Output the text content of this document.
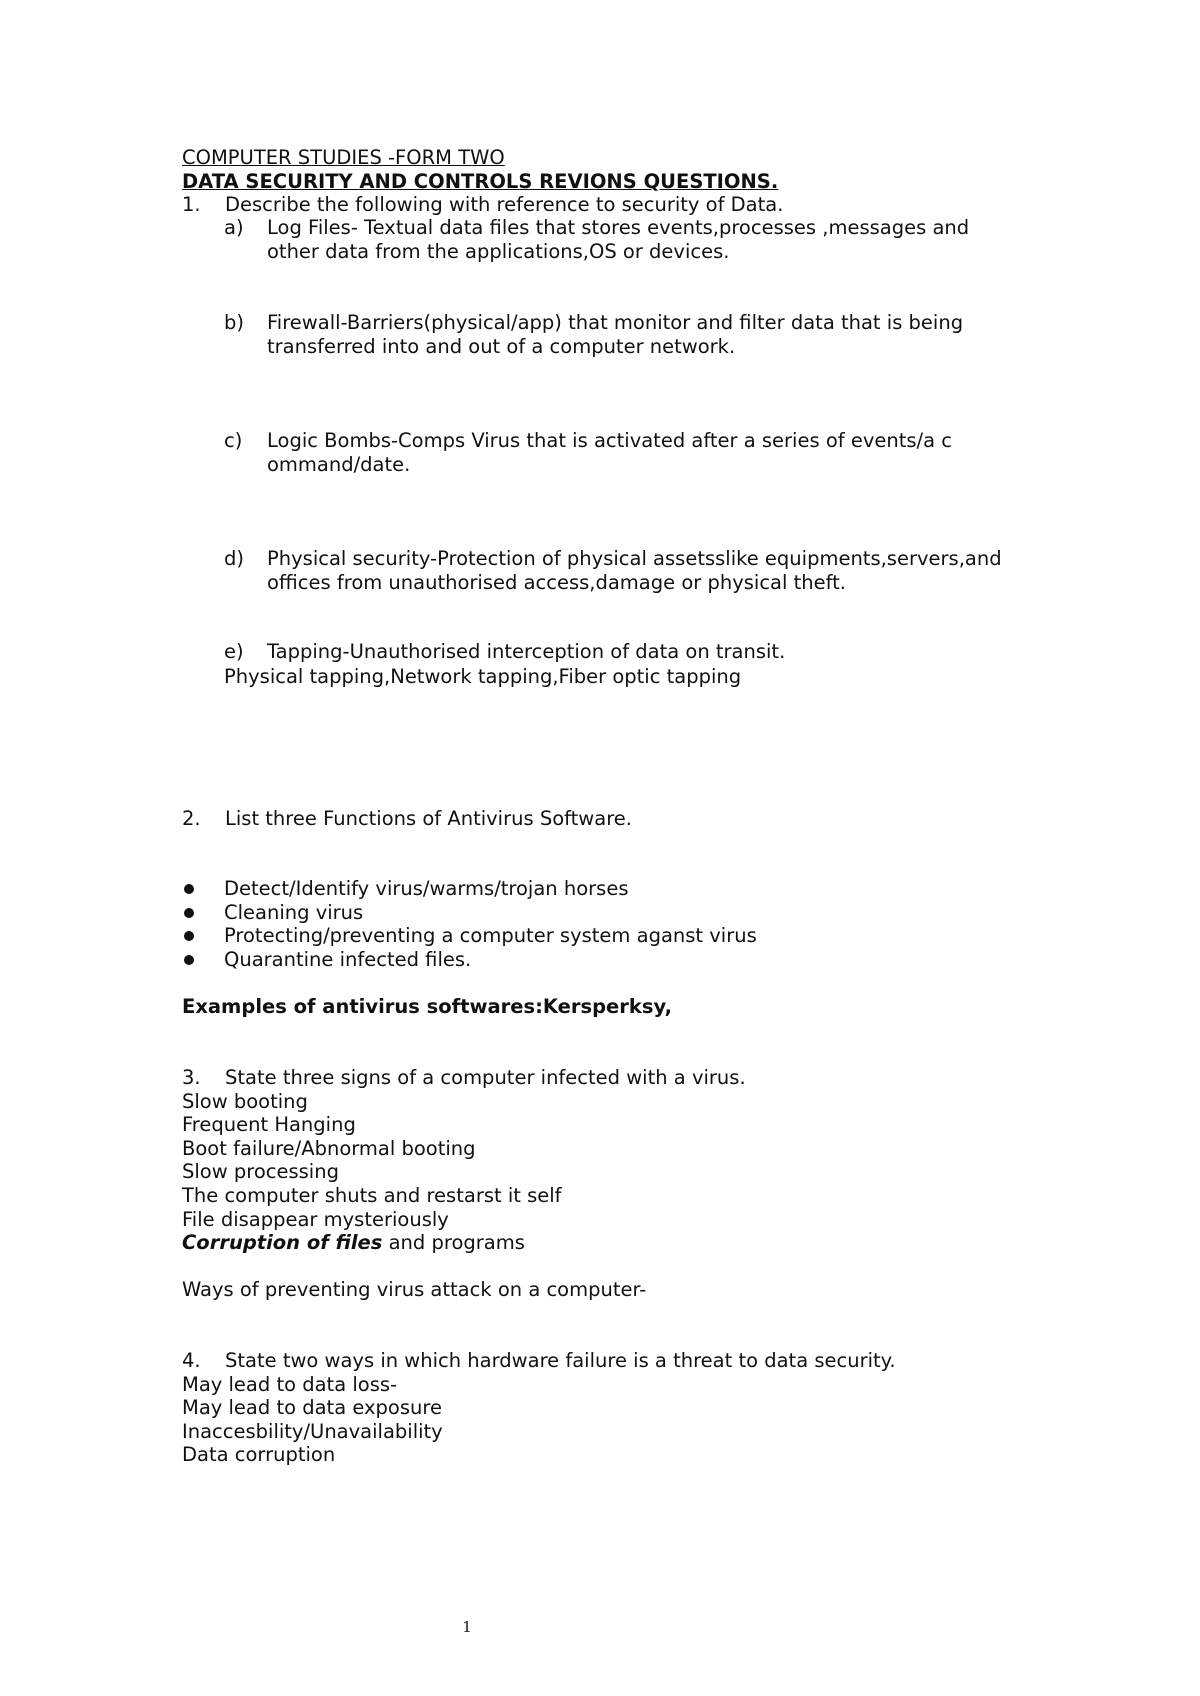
COMPUTER STUDIES -FORM TWO
DATA SECURITY AND CONTROLS REVIONS QUESTIONS.
1. Describe the following with reference to security of Data.
a)	Log Files- Textual data files that stores events,processes ,messages and other data from the applications,OS or devices.
b)	Firewall-Barriers(physical/app) that monitor and filter data that is being transferred into and out of a computer network.
c)	Logic Bombs-Comps Virus that is activated after a series of events/a c ommand/date.
d)	Physical security-Protection of physical assetsslike equipments,servers,and offices from unauthorised access,damage or physical theft.
e)	Tapping-Unauthorised interception of data on transit.
Physical tapping,Network tapping,Fiber optic tapping
2. List three Functions of Antivirus Software.
Detect/Identify virus/warms/trojan horses
Cleaning virus
Protecting/preventing a computer system aganst virus
Quarantine infected files.
Examples of antivirus softwares:Kersperksy,
3. State three signs of a computer infected with a virus.
Slow booting
Frequent Hanging
Boot failure/Abnormal booting
Slow processing
The computer shuts and restarst it self
File disappear mysteriously
Corruption of files and programs
Ways of preventing virus attack on a computer-
4. State two ways in which hardware failure is a threat to data security.
May lead to data loss-
May lead to data exposure
Inaccesbility/Unavailability
Data corruption
1
